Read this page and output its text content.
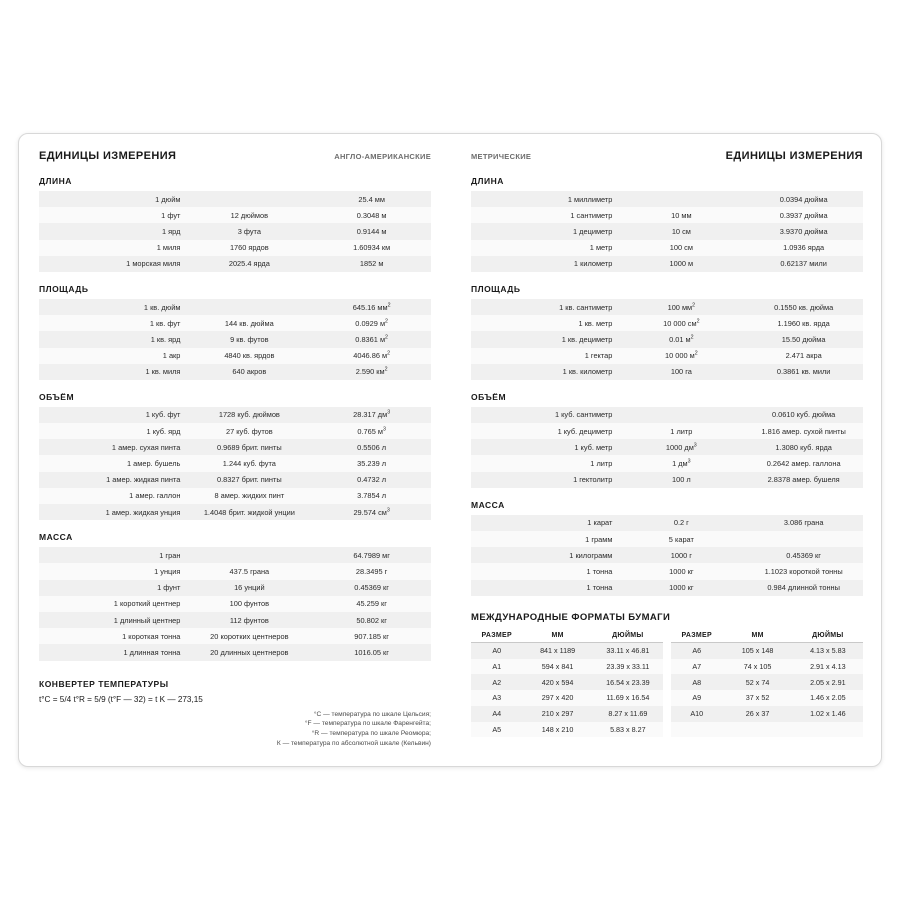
ЕДИНИЦЫ ИЗМЕРЕНИЯ	АНГЛО-АМЕРИКАНСКИЕ
ДЛИНА
1 дюйм		25.4 мм
1 фут	12 дюймов	0.3048 м
1 ярд	3 фута	0.9144 м
1 миля	1760 ярдов	1.60934 км
1 морская миля	2025.4 ярда	1852 м
ПЛОЩАДЬ
1 кв. дюйм		645.16 $мм^2$
1 кв. фут	144 кв. дюйма	0.0929 $м^2$
1 кв. ярд	9 кв. футов	0.8361 $м^2$
1 акр	4840 кв. ярдов	4046.86 $м^2$
1 кв. миля	640 акров	2.590 $км^2$
ОБЪЁМ
1 куб. фут	1728 куб. дюймов	28.317 $дм^3$
1 куб. ярд	27 куб. футов	0.765 $м^3$
1 амер. сухая пинта	0.9689 брит. пинты	0.5506 л
1 амер. бушель	1.244 куб. фута	35.239 л
1 амер. жидкая пинта	0.8327 брит. пинты	0.4732 л
1 амер. галлон	8 амер. жидких пинт	3.7854 л
1 амер. жидкая унция	1.4048 брит. жидкой унции	29.574 $см^3$
МАССА
1 гран		64.7989 мг
1 унция	437.5 грана	28.3495 г
1 фунт	16 унций	0.45369 кг
1 короткий центнер	100 фунтов	45.259 кг
1 длинный центнер	112 фунтов	50.802 кг
1 короткая тонна	20 коротких центнеров	907.185 кг
1 длинная тонна	20 длинных центнеров	1016.05 кг
КОНВЕРТЕР ТЕМПЕРАТУРЫ
t°C = 5/4 t°R = 5/9 (t°F — 32) = t K — 273,15
°С — температура по шкале Цельсия;
°F — температура по шкале Фаренгейта;
°R — температура по шкале Реомюра;
К — температура по абсолютной шкале (Кельвин)
МЕТРИЧЕСКИЕ	ЕДИНИЦЫ ИЗМЕРЕНИЯ
ДЛИНА
1 миллиметр		0.0394 дюйма
1 сантиметр	10 мм	0.3937 дюйма
1 дециметр	10 см	3.9370 дюйма
1 метр	100 см	1.0936 ярда
1 километр	1000 м	0.62137 мили
ПЛОЩАДЬ
1 кв. сантиметр	100 $мм^2$	0.1550 кв. дюйма
1 кв. метр	10 000 $см^2$	1.1960 кв. ярда
1 кв. дециметр	0.01 $м^2$	15.50 дюйма
1 гектар	10 000 $м^2$	2.471 акра
1 кв. километр	100 га	0.3861 кв. мили
ОБЪЁМ
1 куб. сантиметр		0.0610 куб. дюйма
1 куб. дециметр	1 литр	1.816 амер. сухой пинты
1 куб. метр	1000 $дм^3$	1.3080 куб. ярда
1 литр	1 $дм^3$	0.2642 амер. галлона
1 гектолитр	100 л	2.8378 амер. бушеля
МАССА
1 карат	0.2 г	3.086 грана
1 грамм	5 карат	
1 килограмм	1000 г	0.45369 кг
1 тонна	1000 кг	1.1023 короткой тонны
1 тонна	1000 кг	0.984 длинной тонны
МЕЖДУНАРОДНЫЕ ФОРМАТЫ БУМАГИ
РАЗМЕР	ММ	ДЮЙМЫ
A0	841 x 1189	33.11 x 46.81
A1	594 x 841	23.39 x 33.11
A2	420 x 594	16.54 x 23.39
A3	297 x 420	11.69 x 16.54
A4	210 x 297	8.27 x 11.69
A5	148 x 210	5.83 x 8.27
РАЗМЕР	ММ	ДЮЙМЫ
A6	105 x 148	4.13 x 5.83
A7	74 x 105	2.91 x 4.13
A8	52 x 74	2.05 x 2.91
A9	37 x 52	1.46 x 2.05
A10	26 x 37	1.02 x 1.46
